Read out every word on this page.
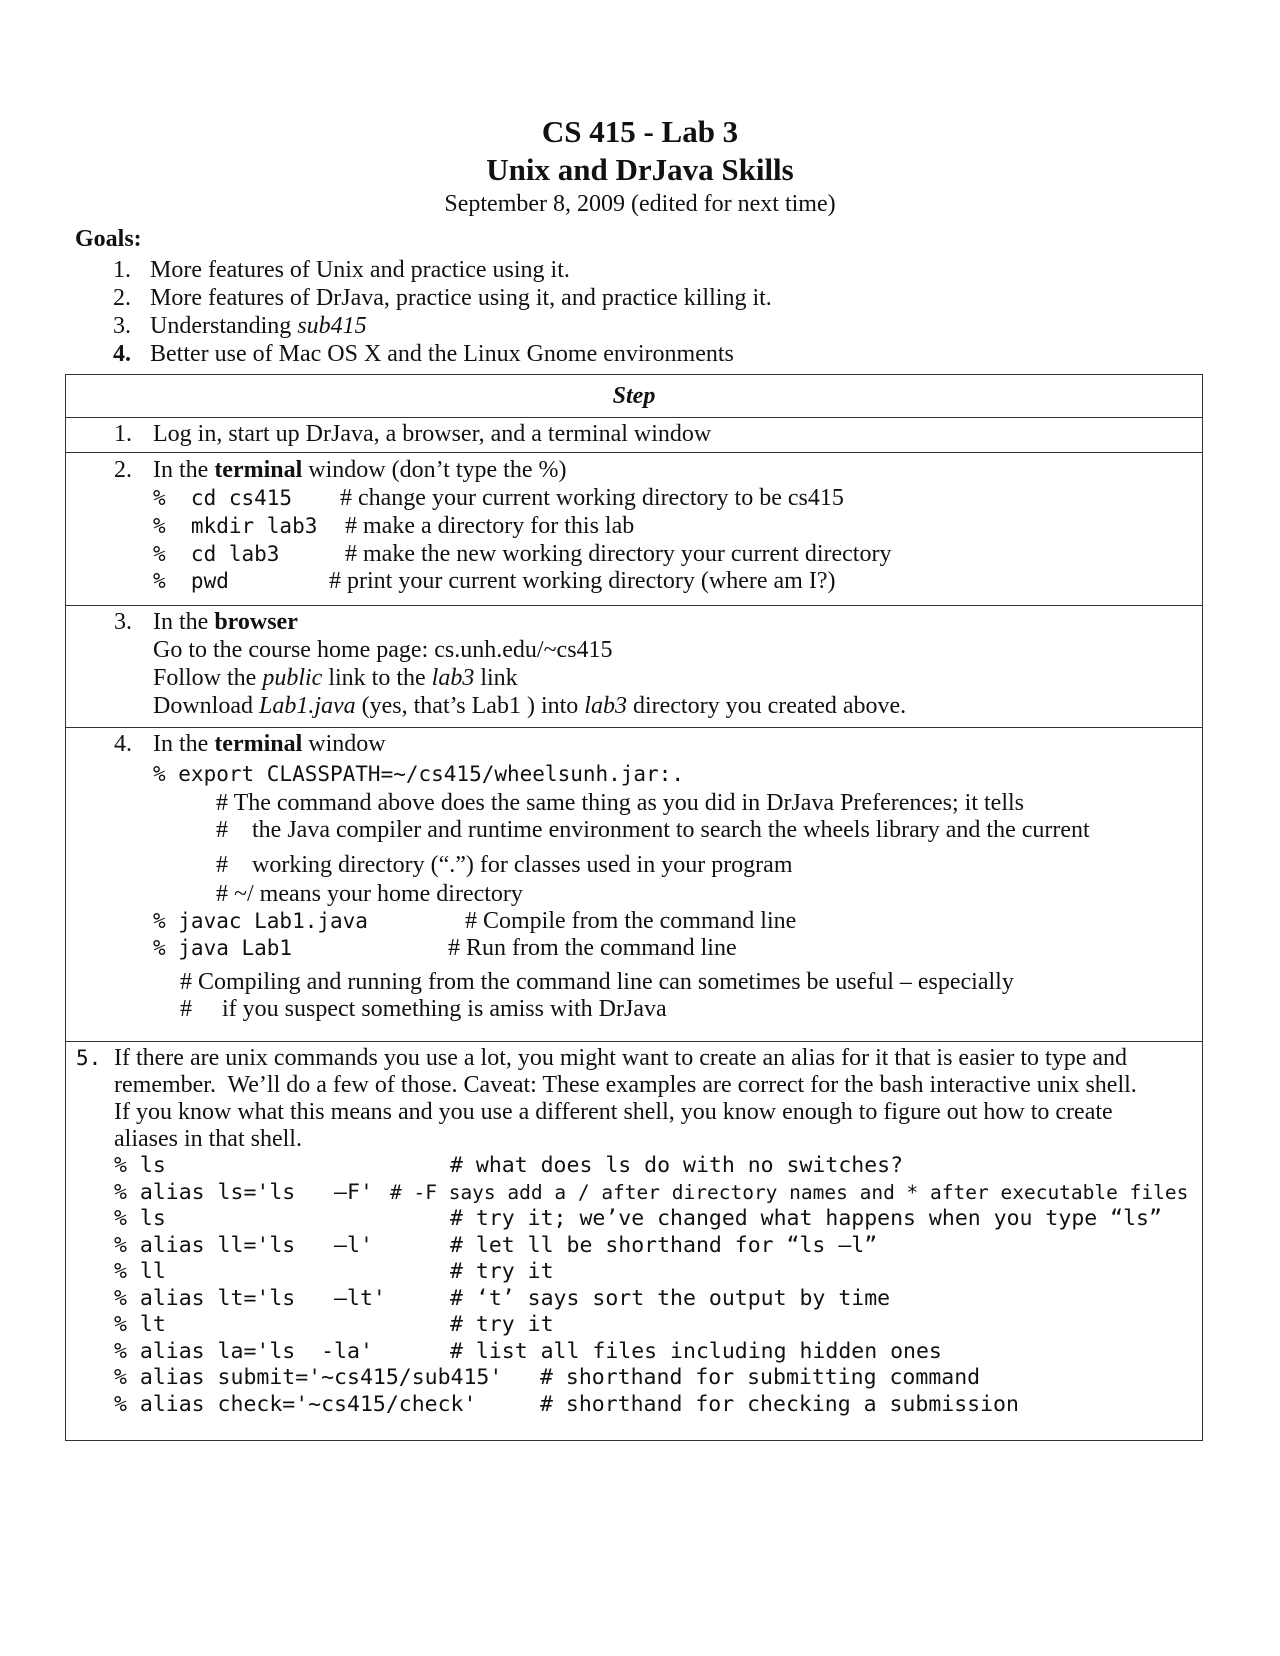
CS 415 - Lab 3
Unix and DrJava Skills
September 8, 2009 (edited for next time)
Goals:
1. More features of Unix and practice using it.
2. More features of DrJava, practice using it, and practice killing it.
3. Understanding sub415
4. Better use of Mac OS X and the Linux Gnome environments
Step

1. Log in, start up DrJava, a browser, and a terminal window

2. In the terminal window (don’t type the %)
%  cd cs415 # change your current working directory to be cs415
%  mkdir lab3 # make a directory for this lab
%  cd lab3	# make the new working directory your current directory
%  pwd	# print your current working directory (where am I?)

3. In the browser
Go to the course home page: cs.unh.edu/~cs415
Follow the public link to the lab3 link
Download Lab1.java (yes, that’s Lab1 ) into lab3 directory you created above.

4. In the terminal window
% export CLASSPATH=~/cs415/wheelsunh.jar:.
# The command above does the same thing as you did in DrJava Preferences; it tells
#    the Java compiler and runtime environment to search the wheels library and the current
#    working directory (“.”) for classes used in your program
# ~/ means your home directory
% javac Lab1.java	# Compile from the command line
% java Lab1	# Run from the command line
# Compiling and running from the command line can sometimes be useful – especially
#     if you suspect something is amiss with DrJava

5. If there are unix commands you use a lot, you might want to create an alias for it that is easier to type and
remember.  We’ll do a few of those. Caveat: These examples are correct for the bash interactive unix shell.
If you know what this means and you use a different shell, you know enough to figure out how to create
aliases in that shell.
% ls	# what does ls do with no switches?
% alias ls='ls   –F' # -F says add a / after directory names and * after executable files
% ls	# try it; we’ve changed what happens when you type “ls”
% alias ll='ls   –l'	# let ll be shorthand for “ls –l”
% ll	# try it
% alias lt='ls   –lt'	# ‘t’ says sort the output by time
% lt	# try it
% alias la='ls  -la'	# list all files including hidden ones
% alias submit='~cs415/sub415' # shorthand for submitting command
% alias check='~cs415/check'	# shorthand for checking a submission
